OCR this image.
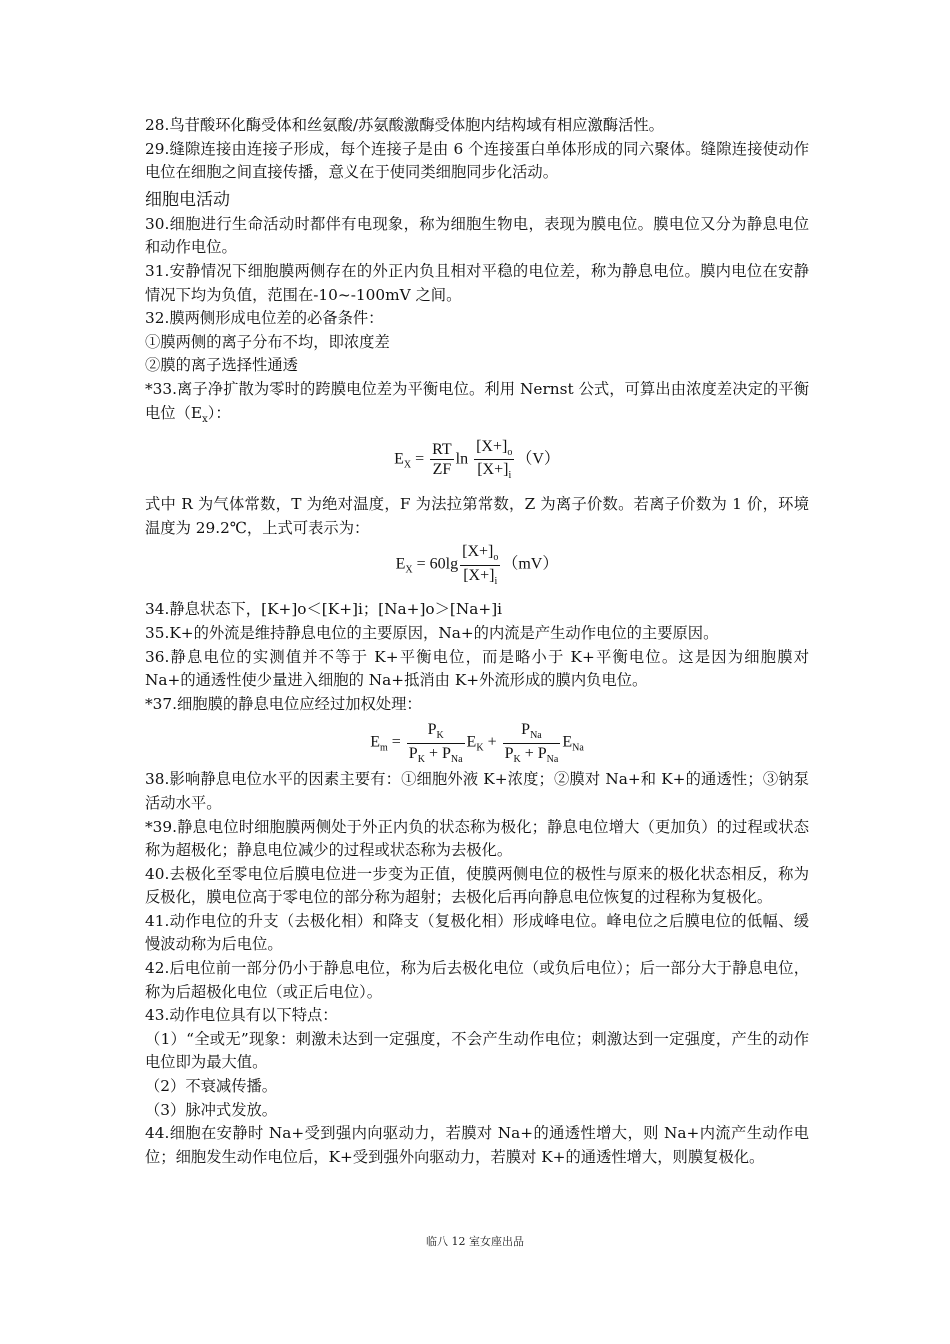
28.鸟苷酸环化酶受体和丝氨酸/苏氨酸激酶受体胞内结构域有相应激酶活性。

29.缝隙连接由连接子形成，每个连接子是由 6 个连接蛋白单体形成的同六聚体。缝隙连接使动作电位在细胞之间直接传播，意义在于使同类细胞同步化活动。

细胞电活动

30.细胞进行生命活动时都伴有电现象，称为细胞生物电，表现为膜电位。膜电位又分为静息电位和动作电位。

31.安静情况下细胞膜两侧存在的外正内负且相对平稳的电位差，称为静息电位。膜内电位在安静情况下均为负值，范围在-10~-100mV 之间。

32.膜两侧形成电位差的必备条件：

①膜两侧的离子分布不均，即浓度差

②膜的离子选择性通透

*33.离子净扩散为零时的跨膜电位差为平衡电位。利用 Nernst 公式，可算出由浓度差决定的平衡电位$(E_x)$：

$E_X = \frac{RT}{ZF}$ $\ln \frac{[X+]_o}{[X+]_i} (V)$

式中 R 为气体常数，T 为绝对温度，F 为法拉第常数，Z 为离子价数。若离子价数为 1 价，环境温度为 29.2℃，上式可表示为：

$E_X = 60\lg \frac{[X+]_o}{[X+]_i} (mV)$

34.静息状态下，[K+]o＜[K+]i；[Na+]o＞[Na+]i

35.K+的外流是维持静息电位的主要原因，Na+的内流是产生动作电位的主要原因。

36.静息电位的实测值并不等于 K+平衡电位，而是略小于 K+平衡电位。这是因为细胞膜对 Na+的通透性使少量进入细胞的 Na+抵消由 K+外流形成的膜内负电位。

*37.细胞膜的静息电位应经过加权处理：

$E_m = \frac{P_K}{P_K + P_{Na}} E_K + \frac{P_{Na}}{P_K + P_{Na}} E_{Na}$

38.影响静息电位水平的因素主要有：①细胞外液 K+浓度；②膜对 Na+和 K+的通透性；③钠泵活动水平。

*39.静息电位时细胞膜两侧处于外正内负的状态称为极化；静息电位增大（更加负）的过程或状态称为超极化；静息电位减少的过程或状态称为去极化。

40.去极化至零电位后膜电位进一步变为正值，使膜两侧电位的极性与原来的极化状态相反，称为反极化，膜电位高于零电位的部分称为超射；去极化后再向静息电位恢复的过程称为复极化。

41.动作电位的升支（去极化相）和降支（复极化相）形成峰电位。峰电位之后膜电位的低幅、缓慢波动称为后电位。

42.后电位前一部分仍小于静息电位，称为后去极化电位（或负后电位）；后一部分大于静息电位，称为后超极化电位（或正后电位）。

43.动作电位具有以下特点：

（1）“全或无”现象：刺激未达到一定强度，不会产生动作电位；刺激达到一定强度，产生的动作电位即为最大值。

（2）不衰减传播。

（3）脉冲式发放。

44.细胞在安静时 Na+受到强内向驱动力，若膜对 Na+的通透性增大，则 Na+内流产生动作电位；细胞发生动作电位后，K+受到强外向驱动力，若膜对 K+的通透性增大，则膜复极化。

临八 12 室女座出品
